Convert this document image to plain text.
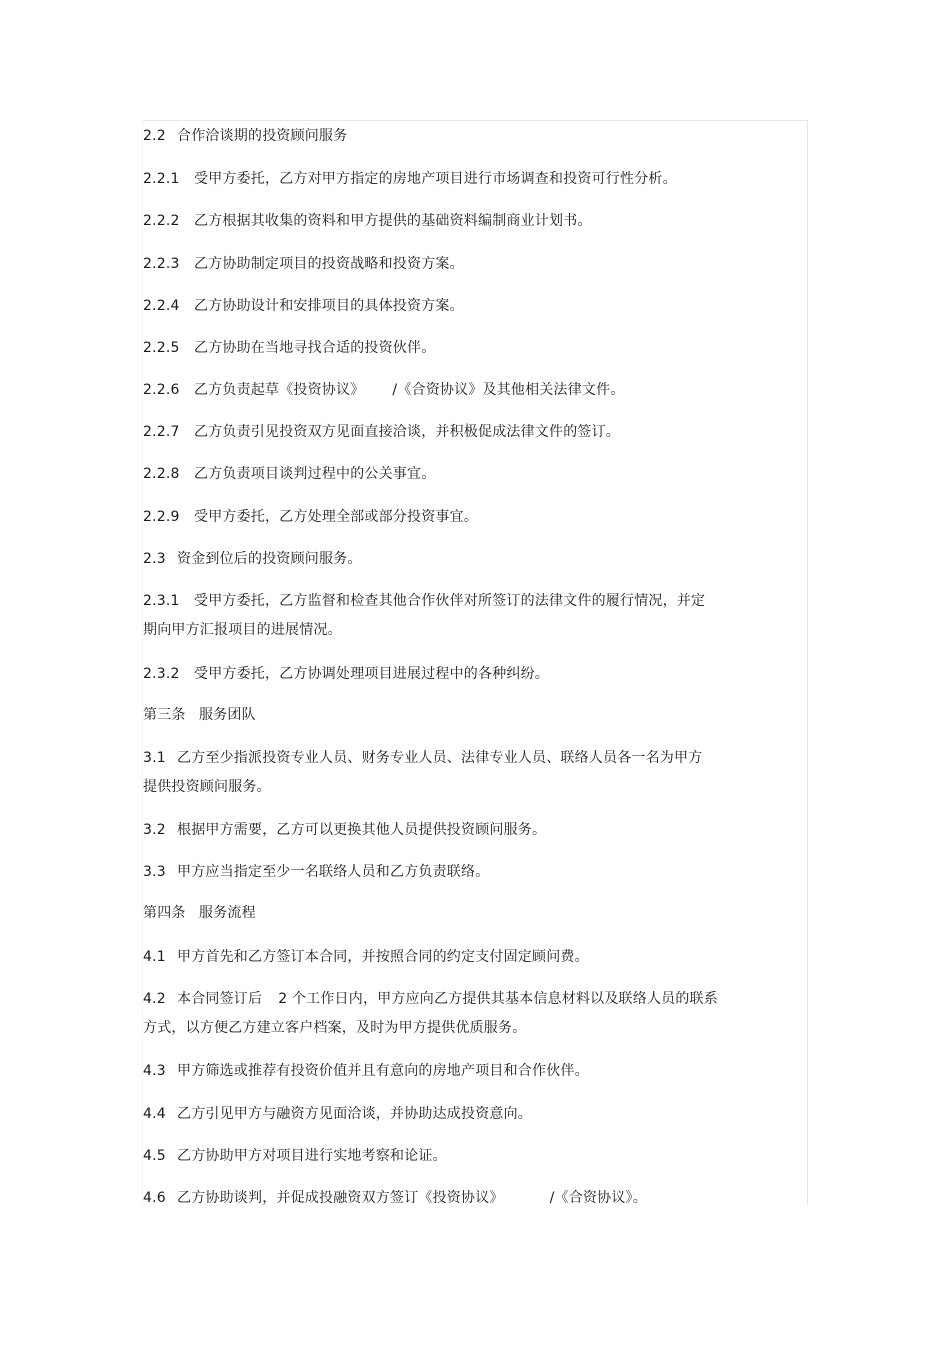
2.2 合作洽谈期的投资顾问服务
2.2.1 受甲方委托，乙方对甲方指定的房地产项目进行市场调查和投资可行性分析。
2.2.2 乙方根据其收集的资料和甲方提供的基础资料编制商业计划书。
2.2.3 乙方协助制定项目的投资战略和投资方案。
2.2.4 乙方协助设计和安排项目的具体投资方案。
2.2.5 乙方协助在当地寻找合适的投资伙伴。
2.2.6 乙方负责起草《投资协议》 /《合资协议》及其他相关法律文件。
2.2.7 乙方负责引见投资双方见面直接洽谈，并积极促成法律文件的签订。
2.2.8 乙方负责项目谈判过程中的公关事宜。
2.2.9 受甲方委托，乙方处理全部或部分投资事宜。
2.3 资金到位后的投资顾问服务。
2.3.1 受甲方委托，乙方监督和检查其他合作伙伴对所签订的法律文件的履行情况，并定
期向甲方汇报项目的进展情况。
2.3.2 受甲方委托，乙方协调处理项目进展过程中的各种纠纷。
第三条 服务团队
3.1 乙方至少指派投资专业人员、财务专业人员、法律专业人员、联络人员各一名为甲方
提供投资顾问服务。
3.2 根据甲方需要，乙方可以更换其他人员提供投资顾问服务。
3.3 甲方应当指定至少一名联络人员和乙方负责联络。
第四条 服务流程
4.1 甲方首先和乙方签订本合同，并按照合同的约定支付固定顾问费。
4.2 本合同签订后 2 个工作日内，甲方应向乙方提供其基本信息材料以及联络人员的联系
方式，以方便乙方建立客户档案，及时为甲方提供优质服务。
4.3 甲方筛选或推荐有投资价值并且有意向的房地产项目和合作伙伴。
4.4 乙方引见甲方与融资方见面洽谈，并协助达成投资意向。
4.5 乙方协助甲方对项目进行实地考察和论证。
4.6 乙方协助谈判，并促成投融资双方签订《投资协议》	/《合资协议》。
